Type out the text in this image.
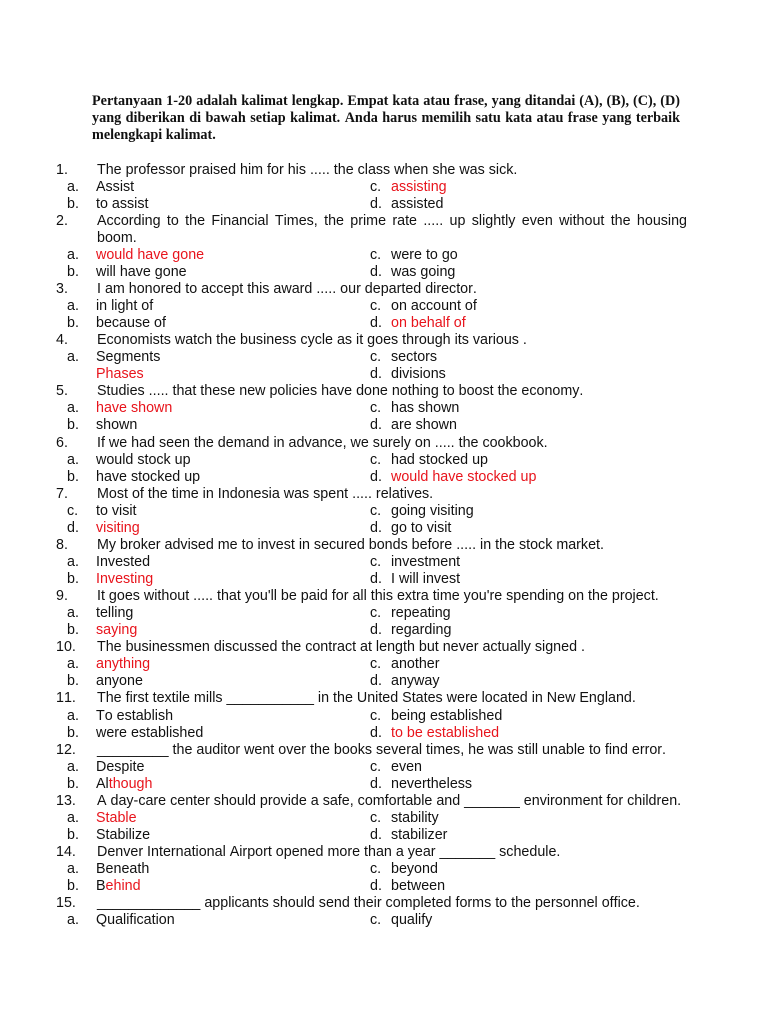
Pertanyaan 1-20 adalah kalimat lengkap. Empat kata atau frase, yang ditandai (A), (B), (C), (D) yang diberikan di bawah setiap kalimat. Anda harus memilih satu kata atau frase yang terbaik melengkapi kalimat.

1. The professor praised him for his ..... the class when she was sick.
a. Assist	c. assisting
b. to assist	d. assisted
2. According to the Financial Times, the prime rate ..... up slightly even without the housing boom.
a. would have gone	c. were to go
b. will have gone	d. was going
3. I am honored to accept this award ..... our departed director.
a. in light of	c. on account of
b. because of	d. on behalf of
4. Economists watch the business cycle as it goes through its various .
a. Segments	c. sectors
Phases	d. divisions
5. Studies ..... that these new policies have done nothing to boost the economy.
a. have shown	c. has shown
b. shown	d. are shown
6. If we had seen the demand in advance, we surely on ..... the cookbook.
a. would stock up	c. had stocked up
b. have stocked up	d. would have stocked up
7. Most of the time in Indonesia was spent ..... relatives.
c. to visit	c. going visiting
d. visiting	d. go to visit
8. My broker advised me to invest in secured bonds before ..... in the stock market.
a. Invested	c. investment
b. Investing	d. I will invest
9. It goes without ..... that you'll be paid for all this extra time you're spending on the project.
a. telling	c. repeating
b. saying	d. regarding
10. The businessmen discussed the contract at length but never actually signed .
a. anything	c. another
b. anyone	d. anyway
11. The first textile mills ___________ in the United States were located in New England.
a. To establish	c. being established
b. were established	d. to be established
12. _________ the auditor went over the books several times, he was still unable to find error.
a. Despite	c. even
b. Although	d. nevertheless
13. A day-care center should provide a safe, comfortable and _______ environment for children.
a. Stable	c. stability
b. Stabilize	d. stabilizer
14. Denver International Airport opened more than a year _______ schedule.
a. Beneath	c. beyond
b. Behind	d. between
15. _____________ applicants should send their completed forms to the personnel office.
a. Qualification	c. qualify
